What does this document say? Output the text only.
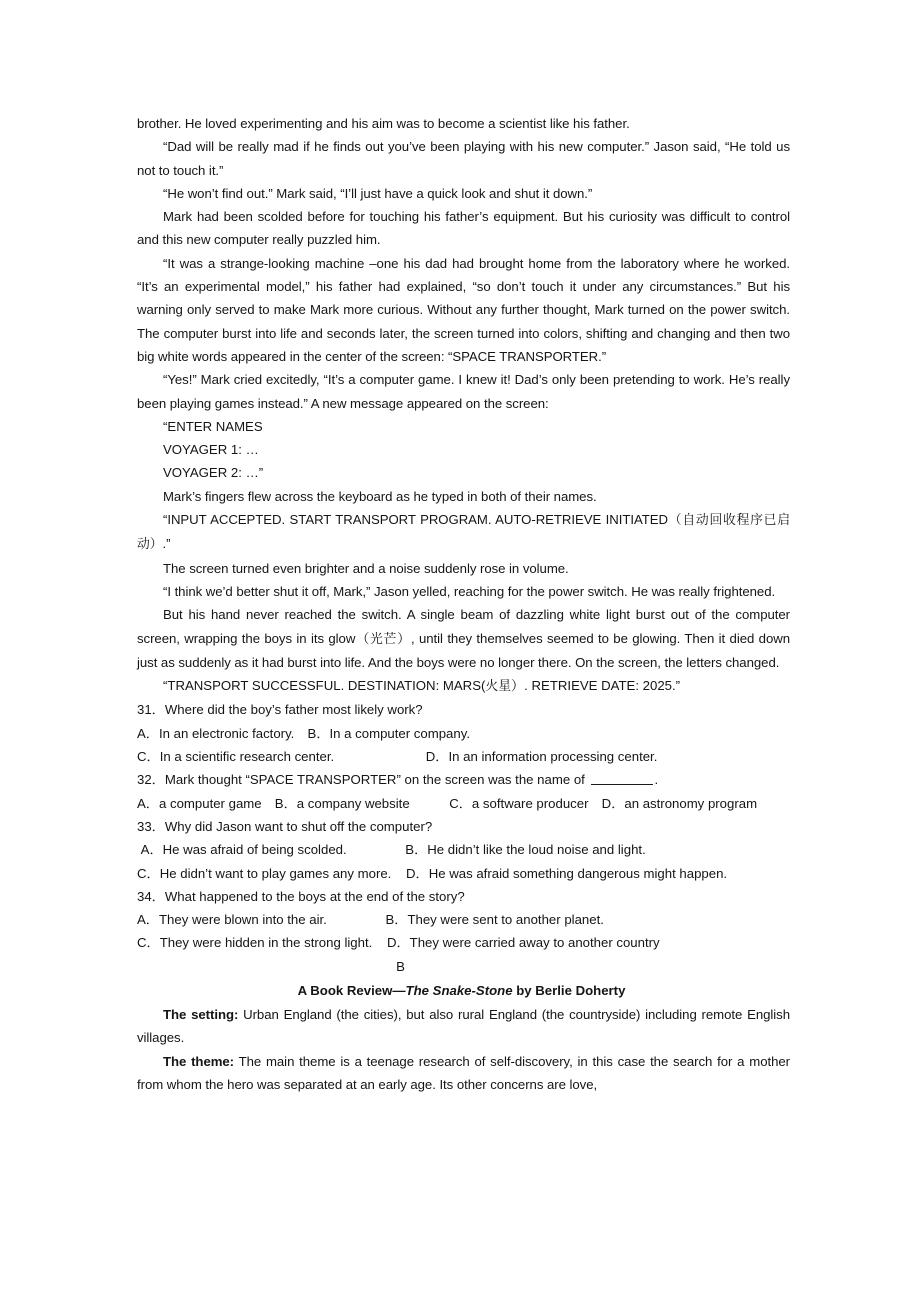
brother. He loved experimenting and his aim was to become a scientist like his father.

“Dad will be really mad if he finds out you’ve been playing with his new computer.” Jason said, “He told us not to touch it.”

“He won’t find out.” Mark said, “I’ll just have a quick look and shut it down.”

Mark had been scolded before for touching his father’s equipment. But his curiosity was difficult to control and this new computer really puzzled him.

“It was a strange-looking machine –one his dad had brought home from the laboratory where he worked. “It’s an experimental model,” his father had explained, “so don’t touch it under any circumstances.” But his warning only served to make Mark more curious. Without any further thought, Mark turned on the power switch. The computer burst into life and seconds later, the screen turned into colors, shifting and changing and then two big white words appeared in the center of the screen: “SPACE TRANSPORTER.”

“Yes!” Mark cried excitedly, “It’s a computer game. I knew it! Dad’s only been pretending to work. He’s really been playing games instead.” A new message appeared on the screen:

“ENTER NAMES

VOYAGER 1: …

VOYAGER 2: …”

Mark’s fingers flew across the keyboard as he typed in both of their names.

“INPUT ACCEPTED. START TRANSPORT PROGRAM. AUTO-RETRIEVE INITIATED（自动回收程序已启动）.”

The screen turned even brighter and a noise suddenly rose in volume.

“I think we’d better shut it off, Mark,” Jason yelled, reaching for the power switch. He was really frightened.

But his hand never reached the switch. A single beam of dazzling white light burst out of the computer screen, wrapping the boys in its glow（光芒）, until they themselves seemed to be glowing. Then it died down just as suddenly as it had burst into life. And the boys were no longer there. On the screen, the letters changed.

“TRANSPORT SUCCESSFUL. DESTINATION: MARS(火星）. RETRIEVE DATE: 2025.”

31．Where did the boy’s father most likely work?

A．In an electronic factory.　B．In a computer company.

C．In a scientific research center.                         D．In an information processing center.

32．Mark thought “SPACE TRANSPORTER” on the screen was the name of	.

A．a computer game　B．a company website　　　C．a software producer　D．an astronomy program

33．Why did Jason want to shut off the computer?

A．He was afraid of being scolded.                B．He didn’t like the loud noise and light.

C．He didn’t want to play games any more.    D．He was afraid something dangerous might happen.

34．What happened to the boys at the end of the story?

A．They were blown into the air.                B．They were sent to another planet.

C．They were hidden in the strong light.    D．They were carried away to another country

B

A Book Review—The Snake-Stone by Berlie Doherty

The setting: Urban England (the cities), but also rural England (the countryside) including remote English villages.

The theme: The main theme is a teenage research of self-discovery, in this case the search for a mother from whom the hero was separated at an early age. Its other concerns are love,
